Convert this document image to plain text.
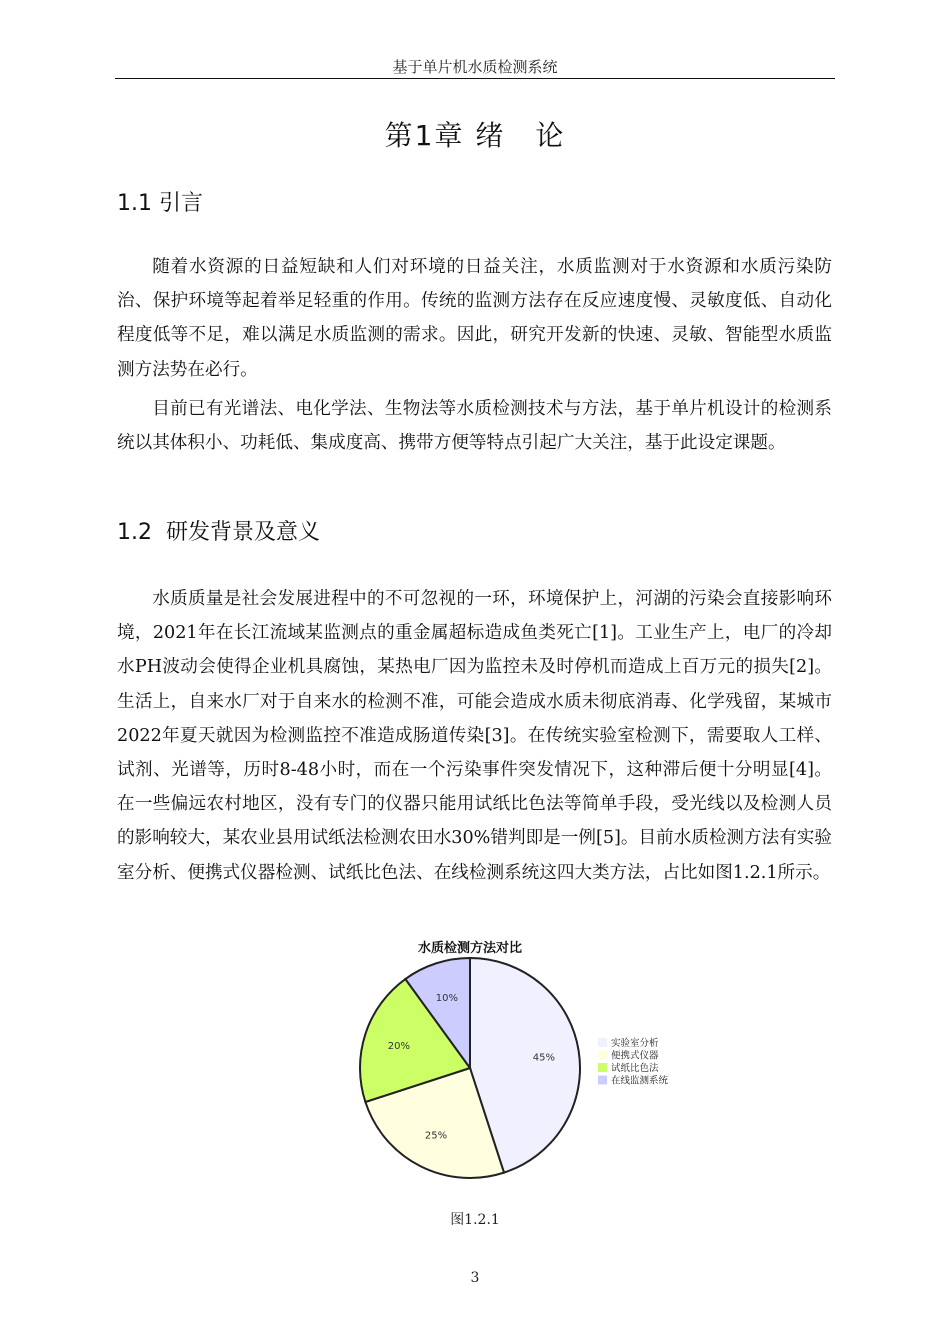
基于单片机水质检测系统
第1章 绪　论
1.1 引言

随着水资源的日益短缺和人们对环境的日益关注，水质监测对于水资源和水质污染防治、保护环境等起着举足轻重的作用。传统的监测方法存在反应速度慢、灵敏度低、自动化程度低等不足，难以满足水质监测的需求。因此，研究开发新的快速、灵敏、智能型水质监测方法势在必行。

目前已有光谱法、电化学法、生物法等水质检测技术与方法，基于单片机设计的检测系统以其体积小、功耗低、集成度高、携带方便等特点引起广大关注，基于此设定课题。

1.2  研发背景及意义

水质质量是社会发展进程中的不可忽视的一环，环境保护上，河湖的污染会直接影响环境，2021年在长江流域某监测点的重金属超标造成鱼类死亡[1]。工业生产上，电厂的冷却水PH波动会使得企业机具腐蚀，某热电厂因为监控未及时停机而造成上百万元的损失[2]。生活上，自来水厂对于自来水的检测不准，可能会造成水质未彻底消毒、化学残留，某城市2022年夏天就因为检测监控不准造成肠道传染[3]。在传统实验室检测下，需要取人工样、试剂、光谱等，历时8-48小时，而在一个污染事件突发情况下，这种滞后便十分明显[4]。在一些偏远农村地区，没有专门的仪器只能用试纸比色法等简单手段，受光线以及检测人员的影响较大，某农业县用试纸法检测农田水30%错判即是一例[5]。目前水质检测方法有实验室分析、便携式仪器检测、试纸比色法、在线检测系统这四大类方法，占比如图1.2.1所示。

水质检测方法对比
45%
25%
20%
10%
实验室分析
便携式仪器
试纸比色法
在线监测系统
图1.2.1
3
